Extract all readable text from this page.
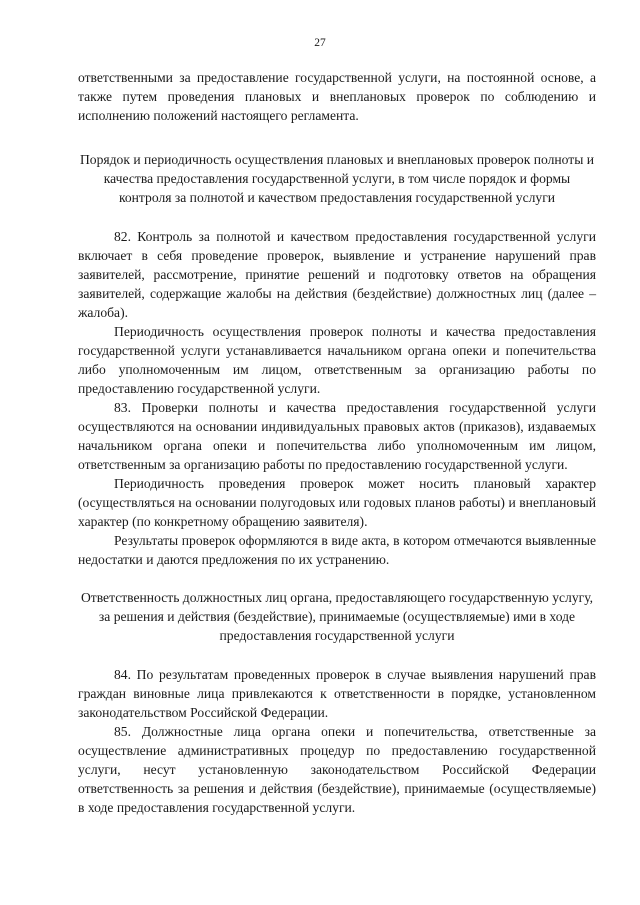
27

ответственными за предоставление государственной услуги, на постоянной основе, а также путем проведения плановых и внеплановых проверок по соблюдению и исполнению положений настоящего регламента.

Порядок и периодичность осуществления плановых и внеплановых проверок полноты и качества предоставления государственной услуги, в том числе порядок и формы контроля за полнотой и качеством предоставления государственной услуги

82. Контроль за полнотой и качеством предоставления государственной услуги включает в себя проведение проверок, выявление и устранение нарушений прав заявителей, рассмотрение, принятие решений и подготовку ответов на обращения заявителей, содержащие жалобы на действия (бездействие) должностных лиц (далее – жалоба).

Периодичность осуществления проверок полноты и качества предоставления государственной услуги устанавливается начальником органа опеки и попечительства либо уполномоченным им лицом, ответственным за организацию работы по предоставлению государственной услуги.

83. Проверки полноты и качества предоставления государственной услуги осуществляются на основании индивидуальных правовых актов (приказов), издаваемых начальником органа опеки и попечительства либо уполномоченным им лицом, ответственным за организацию работы по предоставлению государственной услуги.

Периодичность проведения проверок может носить плановый характер (осуществляться на основании полугодовых или годовых планов работы) и внеплановый характер (по конкретному обращению заявителя).

Результаты проверок оформляются в виде акта, в котором отмечаются выявленные недостатки и даются предложения по их устранению.

Ответственность должностных лиц органа, предоставляющего государственную услугу, за решения и действия (бездействие), принимаемые (осуществляемые) ими в ходе предоставления государственной услуги

84. По результатам проведенных проверок в случае выявления нарушений прав граждан виновные лица привлекаются к ответственности в порядке, установленном законодательством Российской Федерации.

85. Должностные лица органа опеки и попечительства, ответственные за осуществление административных процедур по предоставлению государственной услуги, несут установленную законодательством Российской Федерации ответственность за решения и действия (бездействие), принимаемые (осуществляемые) в ходе предоставления государственной услуги.
